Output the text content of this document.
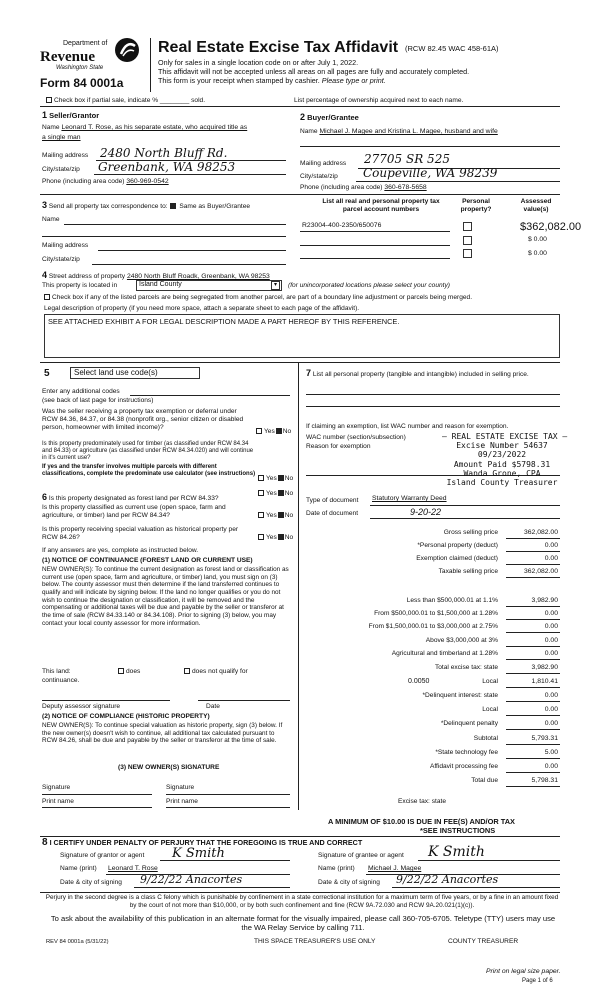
Department of
Revenue
Washington State
Form 84 0001a
Real Estate Excise Tax Affidavit (RCW 82.45 WAC 458-61A)
Only for sales in a single location code on or after July 1, 2022.
This affidavit will not be accepted unless all areas on all pages are fully and accurately completed.
This form is your receipt when stamped by cashier. Please type or print.
Check box if partial sale, indicate % ________ sold.	List percentage of ownership acquired next to each name.
1 Seller/Grantor
Name Leonard T. Rose, as his separate estate, who acquired title as
a single man
Mailing address 2480 North Bluff Rd.
City/state/zip Greenbank, WA 98253
Phone (including area code) 360-969-0542
2 Buyer/Grantee
Name Michael J. Magee and Kristina L. Magee, husband and wife
Mailing address 27705 SR 525
City/state/zip Coupeville, WA 98239
Phone (including area code) 360-678-5658
3 Send all property tax correspondence to: Same as Buyer/Grantee
Name
Mailing address
City/state/zip
List all real and personal property tax
parcel account numbers
Personal
property?
Assessed
value(s)
R23004-400-2350/650076	$362,082.00
$ 0.00
$ 0.00
4 Street address of property 2480 North Bluff Roadk, Greenbank, WA 98253
This property is located in	Island County	▾	(for unincorporated locations please select your county)
Check box if any of the listed parcels are being segregated from another parcel, are part of a boundary line adjustment or parcels being merged.
Legal description of property (if you need more space, attach a separate sheet to each page of the affidavit).
SEE ATTACHED EXHIBIT A FOR LEGAL DESCRIPTION MADE A PART HEREOF BY THIS REFERENCE.
5	Select land use code(s)
Enter any additional codes
(see back of last page for instructions)
Was the seller receiving a property tax exemption or deferral under RCW 84.36, 84.37, or 84.38 (nonprofit org., senior citizen or disabled person, homeowner with limited income)?
Yes No
Is this property predominately used for timber (as classified under RCW 84.34 and 84.33) or agriculture (as classified under RCW 84.34.020) and will continue in it's current use?
If yes and the transfer involves multiple parcels with different classifications, complete the predominate use calculator (see instructions)
Yes No
6 Is this property designated as forest land per RCW 84.33?
Yes No
Is this property classified as current use (open space, farm and agriculture, or timber) land per RCW 84.34?	Yes No
Is this property receiving special valuation as historical property per RCW 84.26?	Yes No
If any answers are yes, complete as instructed below.
(1) NOTICE OF CONTINUANCE (FOREST LAND OR CURRENT USE)
NEW OWNER(S): To continue the current designation as forest land or classification as current use (open space, farm and agriculture, or timber) land, you must sign on (3) below. The county assessor must then determine if the land transferred continues to qualify and will indicate by signing below. If the land no longer qualifies or you do not wish to continue the designation or classification, it will be removed and the compensating or additional taxes will be due and payable by the seller or transferor at the time of sale (RCW 84.33.140 or 84.34.108). Prior to signing (3) below, you may contact your local county assessor for more information.
This land:
continuance.
does	does not qualify for
Deputy assessor signature	Date
(2) NOTICE OF COMPLIANCE (HISTORIC PROPERTY)
NEW OWNER(S): To continue special valuation as historic property, sign (3) below. If the new owner(s) doesn't wish to continue, all additional tax calculated pursuant to RCW 84.26, shall be due and payable by the seller or transferor at the time of sale.
(3) NEW OWNER(S) SIGNATURE
Signature	Signature
Print name	Print name
7 List all personal property (tangible and intangible) included in selling price.
If claiming an exemption, list WAC number and reason for exemption.
WAC number (section/subsection)
Reason for exemption
— REAL ESTATE EXCISE TAX —
Excise Number 54637
09/23/2022
Amount Paid $5798.31
Wanda Grone, CPA
Island County Treasurer
Type of document Statutory Warranty Deed
Date of document	9-20-22
Gross selling price	362,082.00
*Personal property (deduct)	0.00
Exemption claimed (deduct)	0.00
Taxable selling price	362,082.00
Less than $500,000.01 at 1.1%	3,982.90
From $500,000.01 to $1,500,000 at 1.28%	0.00
From $1,500,000.01 to $3,000,000 at 2.75%	0.00
Above $3,000,000 at 3%	0.00
Agricultural and timberland at 1.28%	0.00
Total excise tax: state	3,982.90
Local	1,810.41
*Delinquent interest: state	0.00
Local	0.00
*Delinquent penalty	0.00
Subtotal	5,793.31
*State technology fee	5.00
Affidavit processing fee	0.00
Total due	5,798.31
0.0050
Excise tax: state
A MINIMUM OF $10.00 IS DUE IN FEE(S) AND/OR TAX
*SEE INSTRUCTIONS
8 I CERTIFY UNDER PENALTY OF PERJURY THAT THE FOREGOING IS TRUE AND CORRECT
Signature of grantor or agent K Smith
Name (print) Leonard T. Rose
Date & city of signing 9/22/22 Anacortes
Signature of grantee or agent K Smith
Name (print) Michael J. Magee
Date & city of signing 9/22/22 Anacortes
Perjury in the second degree is a class C felony which is punishable by confinement in a state correctional institution for a maximum term of five years, or by a fine in an amount fixed by the court of not more than $10,000, or by both such confinement and fine (RCW 9A.72.030 and RCW 9A.20.021(1)(c)).
To ask about the availability of this publication in an alternate format for the visually impaired, please call 360-705-6705. Teletype (TTY) users may use the WA Relay Service by calling 711.
REV 84 0001a (5/31/22)	THIS SPACE TREASURER'S USE ONLY	COUNTY TREASURER
Print on legal size paper.
Page 1 of 6
